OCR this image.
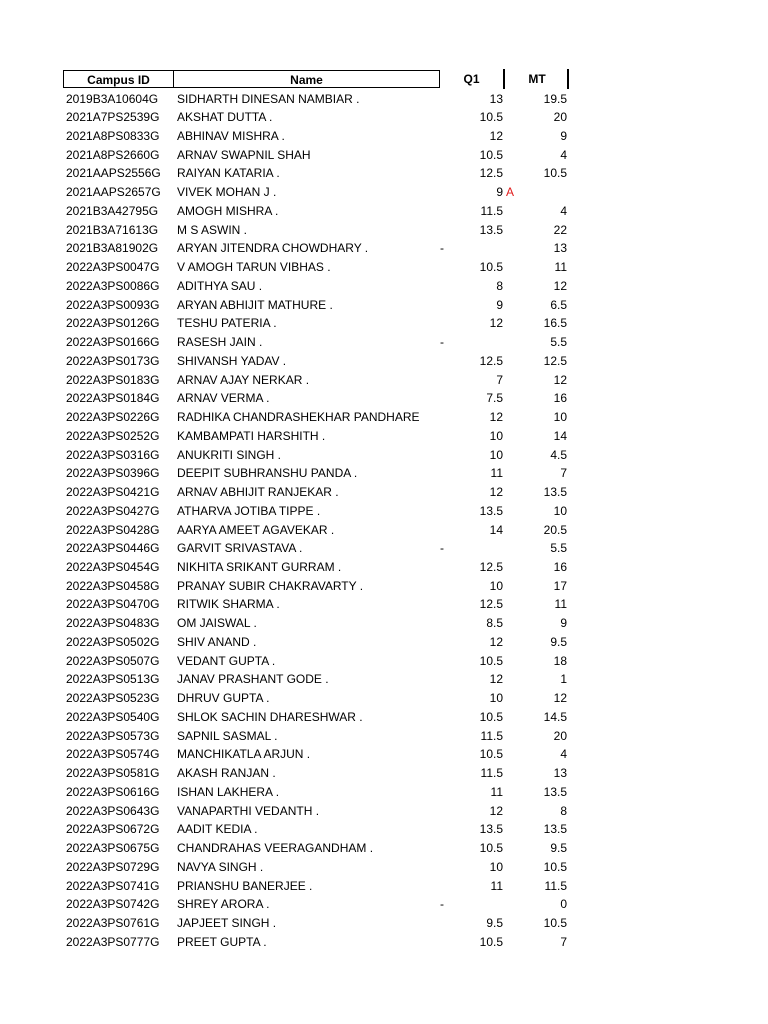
Campus ID	Name	Q1	MT
2019B3A10604G SIDHARTH DINESAN NAMBIAR .	13	19.5
2021A7PS2539G AKSHAT DUTTA .	10.5	20
2021A8PS0833G ABHINAV MISHRA .	12	9
2021A8PS2660G ARNAV SWAPNIL SHAH	10.5	4
2021AAPS2556G RAIYAN KATARIA .	12.5	10.5
2021AAPS2657G VIVEK MOHAN J .	9 A
2021B3A42795G AMOGH MISHRA .	11.5	4
2021B3A71613G M S ASWIN .	13.5	22
2021B3A81902G ARYAN JITENDRA CHOWDHARY .	-	13
2022A3PS0047G V AMOGH TARUN VIBHAS .	10.5	11
2022A3PS0086G ADITHYA SAU .	8	12
2022A3PS0093G ARYAN ABHIJIT MATHURE .	9	6.5
2022A3PS0126G TESHU PATERIA .	12	16.5
2022A3PS0166G RASESH JAIN .	-	5.5
2022A3PS0173G SHIVANSH YADAV .	12.5	12.5
2022A3PS0183G ARNAV AJAY NERKAR .	7	12
2022A3PS0184G ARNAV VERMA .	7.5	16
2022A3PS0226G RADHIKA CHANDRASHEKHAR PANDHARE	12	10
2022A3PS0252G KAMBAMPATI HARSHITH .	10	14
2022A3PS0316G ANUKRITI SINGH .	10	4.5
2022A3PS0396G DEEPIT SUBHRANSHU PANDA .	11	7
2022A3PS0421G ARNAV ABHIJIT RANJEKAR .	12	13.5
2022A3PS0427G ATHARVA JOTIBA TIPPE .	13.5	10
2022A3PS0428G AARYA AMEET AGAVEKAR .	14	20.5
2022A3PS0446G GARVIT SRIVASTAVA .	-	5.5
2022A3PS0454G NIKHITA SRIKANT GURRAM .	12.5	16
2022A3PS0458G PRANAY SUBIR CHAKRAVARTY .	10	17
2022A3PS0470G RITWIK SHARMA .	12.5	11
2022A3PS0483G OM JAISWAL .	8.5	9
2022A3PS0502G SHIV ANAND .	12	9.5
2022A3PS0507G VEDANT GUPTA .	10.5	18
2022A3PS0513G JANAV PRASHANT GODE .	12	1
2022A3PS0523G DHRUV GUPTA .	10	12
2022A3PS0540G SHLOK SACHIN DHARESHWAR .	10.5	14.5
2022A3PS0573G SAPNIL SASMAL .	11.5	20
2022A3PS0574G MANCHIKATLA ARJUN .	10.5	4
2022A3PS0581G AKASH RANJAN .	11.5	13
2022A3PS0616G ISHAN LAKHERA .	11	13.5
2022A3PS0643G VANAPARTHI VEDANTH .	12	8
2022A3PS0672G AADIT KEDIA .	13.5	13.5
2022A3PS0675G CHANDRAHAS VEERAGANDHAM .	10.5	9.5
2022A3PS0729G NAVYA SINGH .	10	10.5
2022A3PS0741G PRIANSHU BANERJEE .	11	11.5
2022A3PS0742G SHREY ARORA .	-	0
2022A3PS0761G JAPJEET SINGH .	9.5	10.5
2022A3PS0777G PREET GUPTA .	10.5	7
